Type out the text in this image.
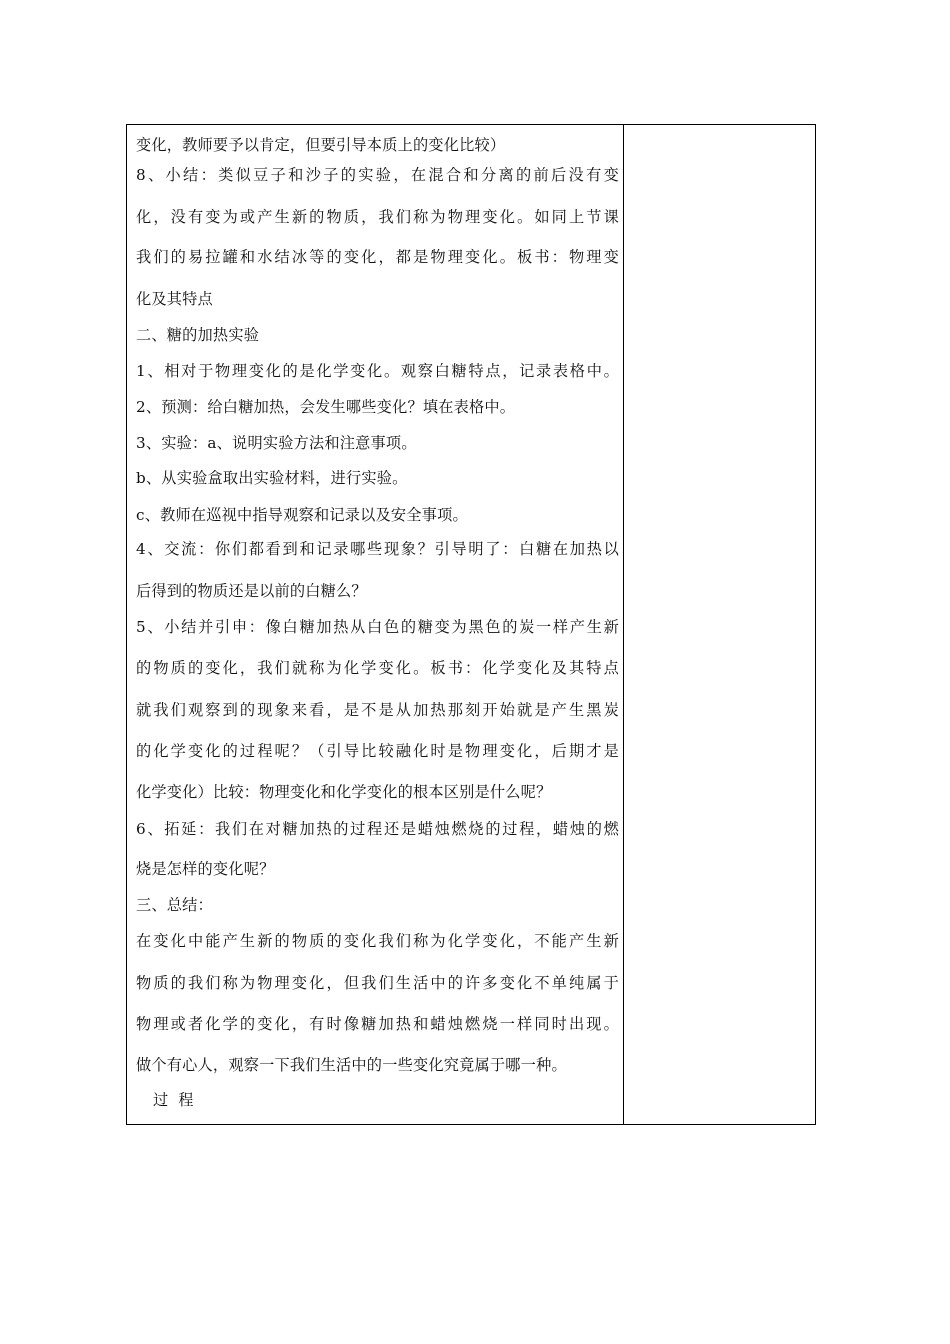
变化，教师要予以肯定，但要引导本质上的变化比较）
8、小结：类似豆子和沙子的实验，在混合和分离的前后没有变
化，没有变为或产生新的物质，我们称为物理变化。如同上节课
我们的易拉罐和水结冰等的变化，都是物理变化。板书：物理变
化及其特点
二、糖的加热实验
1、相对于物理变化的是化学变化。观察白糖特点，记录表格中。
2、预测：给白糖加热，会发生哪些变化？填在表格中。
3、实验：a、说明实验方法和注意事项。
b、从实验盒取出实验材料，进行实验。
c、教师在巡视中指导观察和记录以及安全事项。
4、交流：你们都看到和记录哪些现象？引导明了：白糖在加热以
后得到的物质还是以前的白糖么？
5、小结并引申：像白糖加热从白色的糖变为黑色的炭一样产生新
的物质的变化，我们就称为化学变化。板书：化学变化及其特点
就我们观察到的现象来看，是不是从加热那刻开始就是产生黑炭
的化学变化的过程呢？（引导比较融化时是物理变化，后期才是
化学变化）比较：物理变化和化学变化的根本区别是什么呢？
6、拓延：我们在对糖加热的过程还是蜡烛燃烧的过程，蜡烛的燃
烧是怎样的变化呢？
三、总结：
在变化中能产生新的物质的变化我们称为化学变化，不能产生新
物质的我们称为物理变化，但我们生活中的许多变化不单纯属于
物理或者化学的变化，有时像糖加热和蜡烛燃烧一样同时出现。
做个有心人，观察一下我们生活中的一些变化究竟属于哪一种。
过程
